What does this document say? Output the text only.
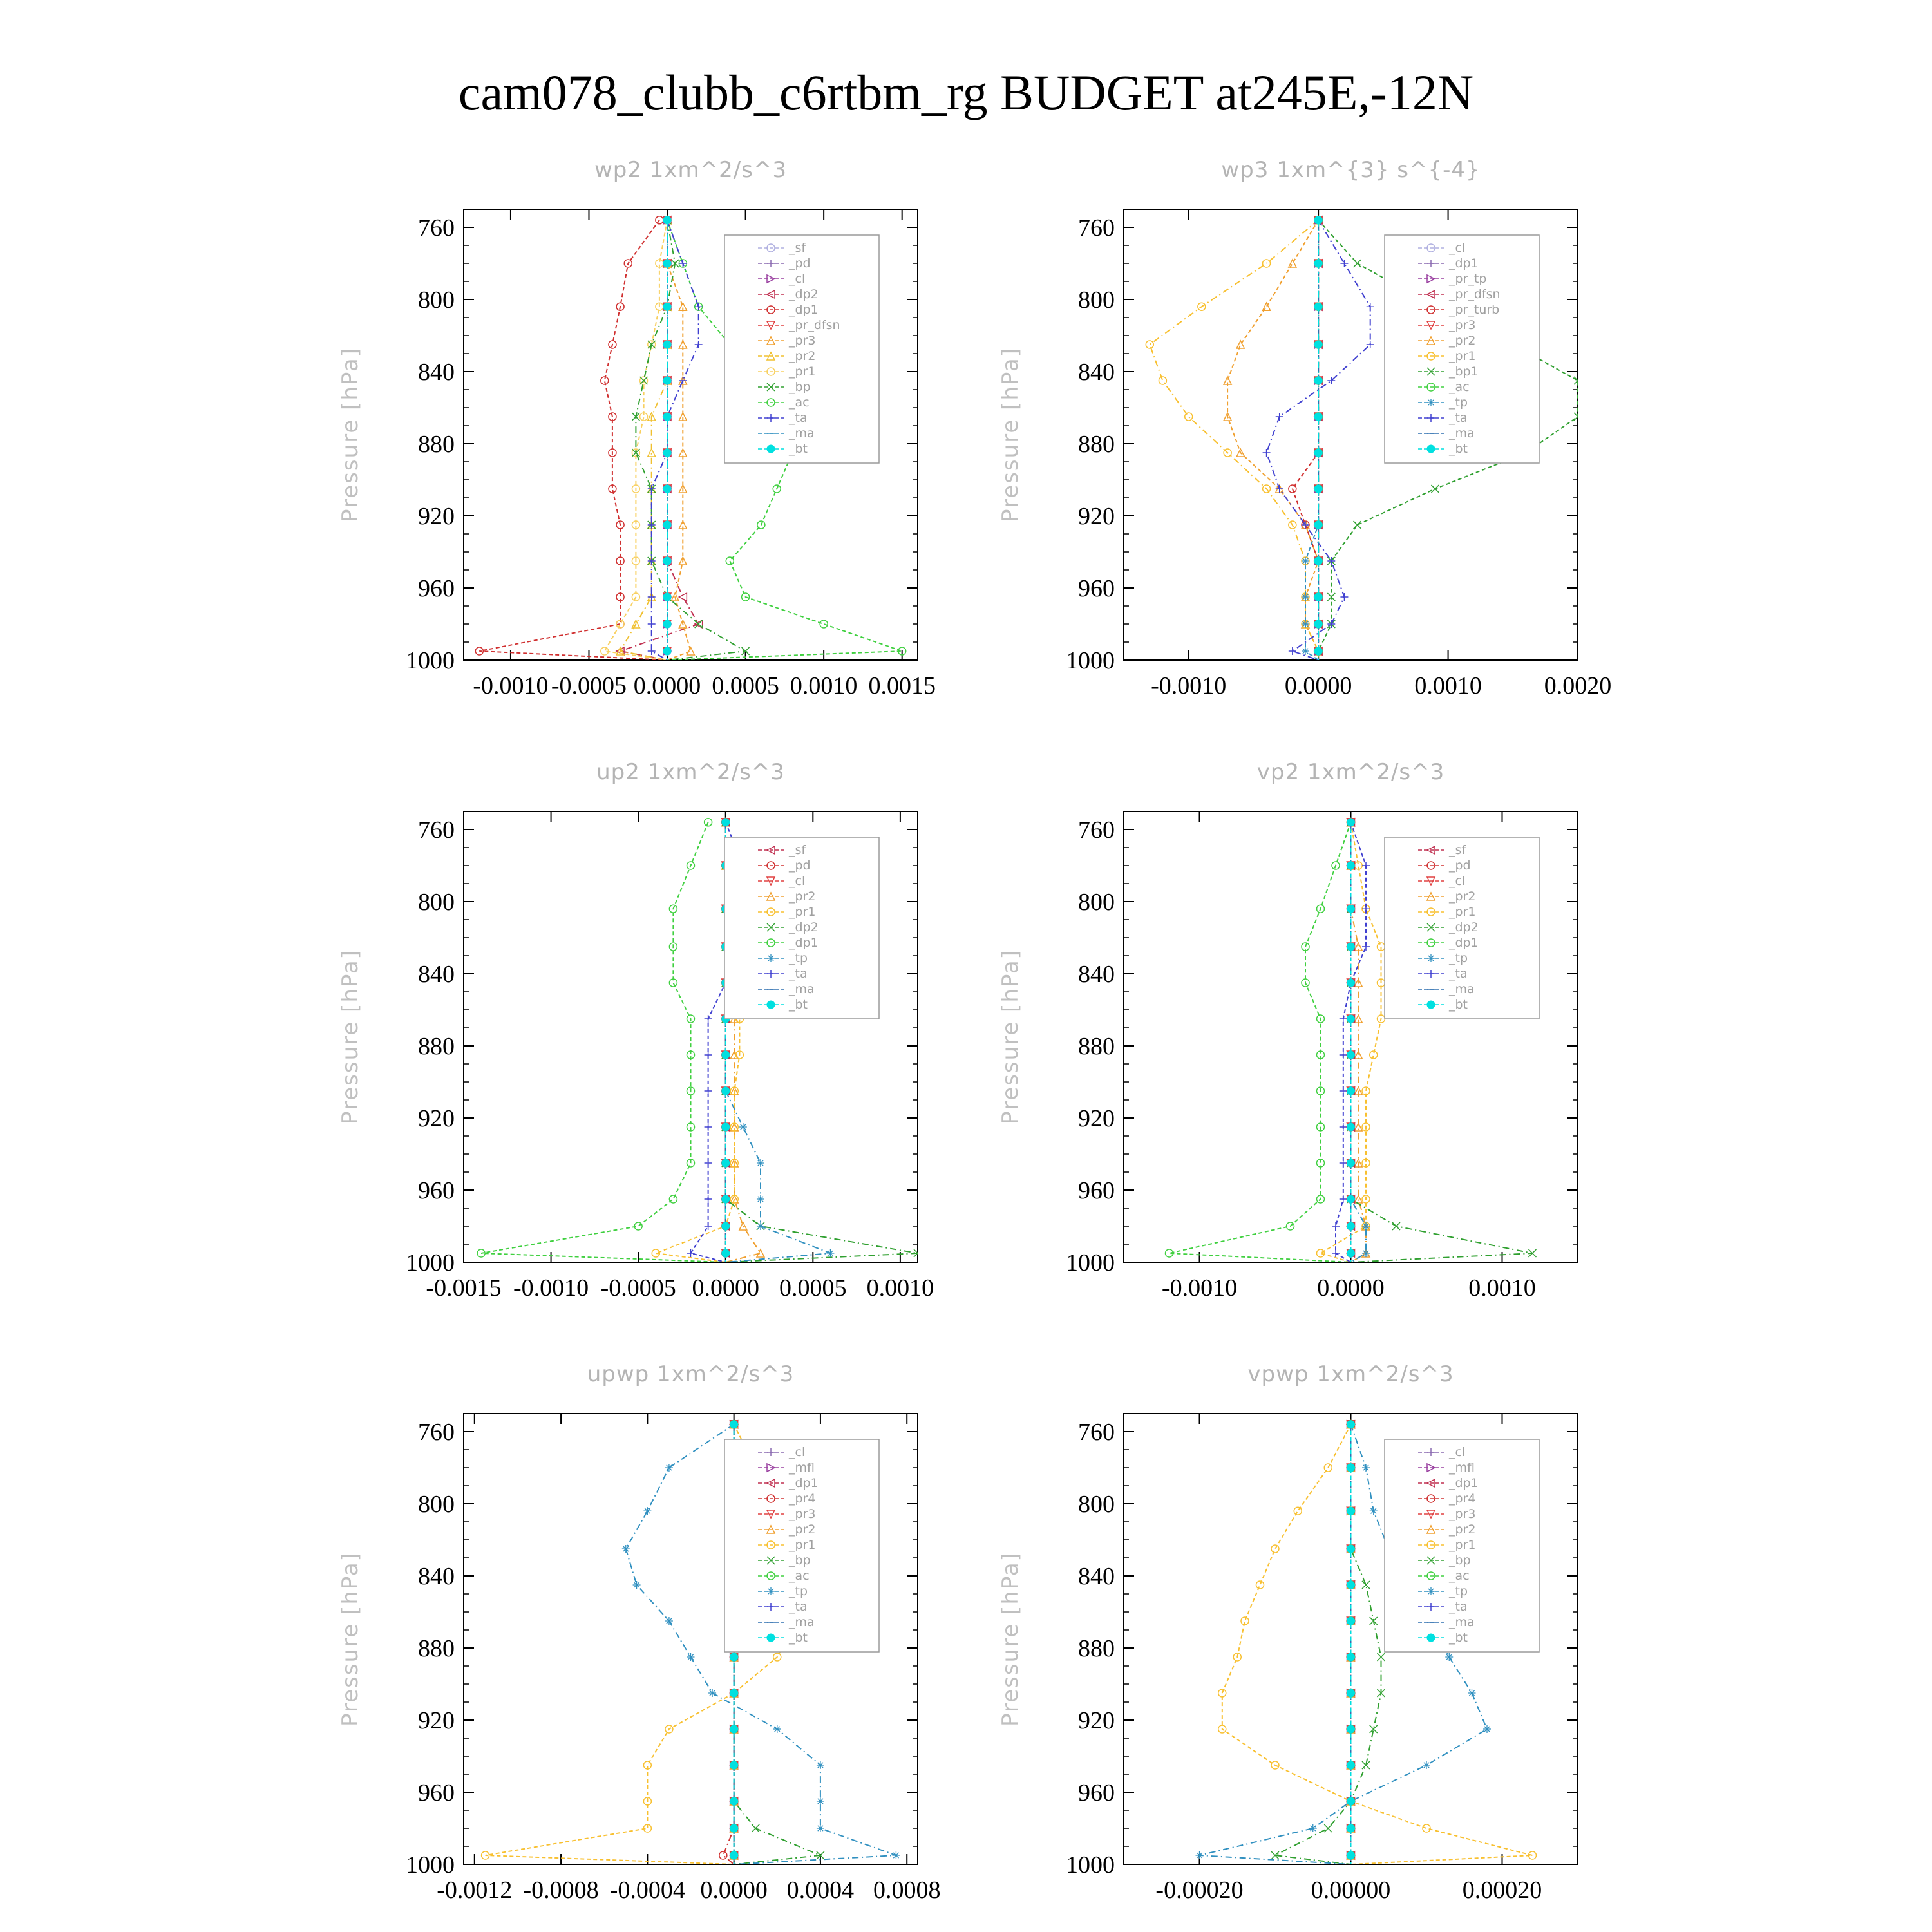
cam078_clubb_c6rtbm_rg BUDGET at245E,-12N
wp2 1xm^2/s^3
Pressure [hPa]
760
800
840
880
920
960
1000
-0.0010 -0.0005 0.0000 0.0005 0.0010 0.0015
_sf
_pd
_cl
_dp2
_dp1
_pr_dfsn
_pr3
_pr2
_pr1
_bp
_ac
_ta
_ma
_bt
wp3 1xm^{3} s^{-4}
Pressure [hPa]
760
800
840
880
920
960
1000
-0.0010 0.0000	0.0010	0.0020
_cl
_dp1
_pr_tp
_pr_dfsn
_pr_turb
_pr3
_pr2
_pr1
_bp1
_ac
_tp
_ta
_ma
_bt
up2 1xm^2/s^3
Pressure [hPa]
760
800
840
880
920
960
1000
-0.0015 -0.0010 -0.0005 0.0000 0.0005 0.0010
_sf
_pd
_cl
_pr2
_pr1
_dp2
_dp1
_tp
_ta
_ma
_bt
vp2 1xm^2/s^3
Pressure [hPa]
760
800
840
880
920
960
1000
-0.0010	0.0000	0.0010
_sf
_pd
_cl
_pr2
_pr1
_dp2
_dp1
_tp
_ta
_ma
_bt
upwp 1xm^2/s^3
Pressure [hPa]
760
800
840
880
920
960
1000
-0.0012 -0.0008 -0.0004 0.0000 0.0004 0.0008
_cl
_mfl
_dp1
_pr4
_pr3
_pr2
_pr1
_bp
_ac
_tp
_ta
_ma
_bt
vpwp 1xm^2/s^3
Pressure [hPa]
760
800
840
880
920
960
1000
-0.00020	0.00000	0.00020
_cl
_mfl
_dp1
_pr4
_pr3
_pr2
_pr1
_bp
_ac
_tp
_ta
_ma
_bt
